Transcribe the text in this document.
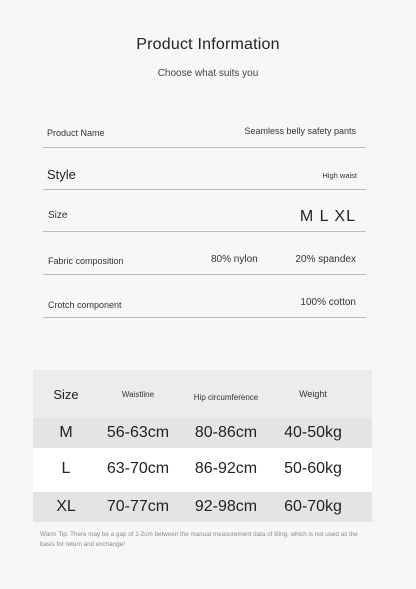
Product Information
Choose what suits you
Product Name	Seamless belly safety pants
Style	High waist
Size	M L XL
Fabric composition	80% nylon	20% spandex
Crotch component	100% cotton
Size	Waistline	Hip circumference	Weight
M	56-63cm	80-86cm	40-50kg
L	63-70cm	86-92cm	50-60kg
XL	70-77cm	92-98cm	60-70kg
Warm Tip: There may be a gap of 1-2cm between the manual measurement data of tiling, which is not used as the basis for return and exchange!
